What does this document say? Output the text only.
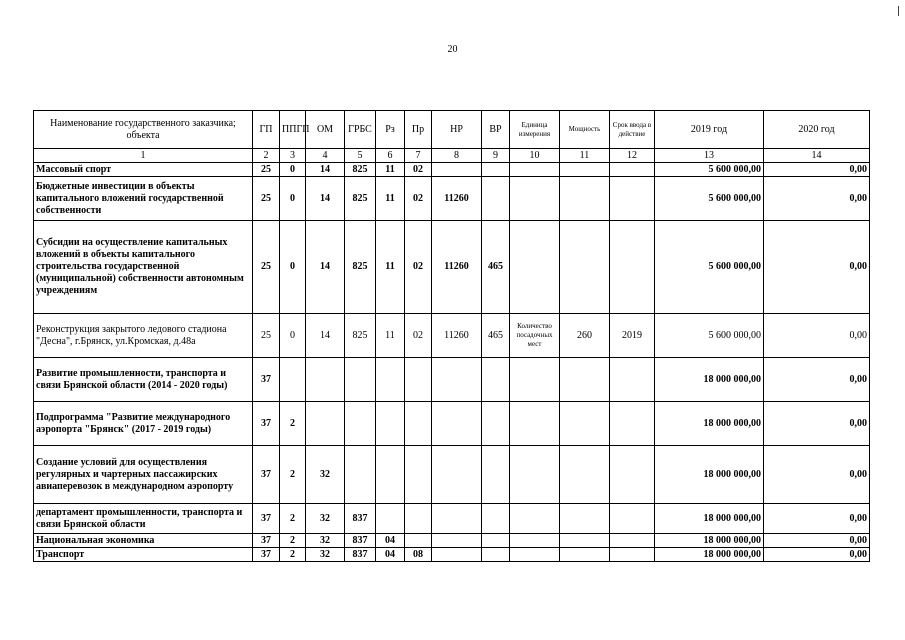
20
Наименование государственного заказчика; объекта	ГП	ППГП	ОМ	ГРБС	Рз	Пр	НР	ВР	Единица измерения	Мощность	Срок ввода в действие	2019 год	2020 год
1	2	3	4	5	6	7	8	9	10	11	12	13	14
Массовый спорт	25	0	14	825	11	02						5 600 000,00	0,00
Бюджетные инвестиции в объекты капитального вложений государственной собственности	25	0	14	825	11	02	11260					5 600 000,00	0,00
Субсидии на осуществление капитальных вложений в объекты капитального строительства государственной (муниципальной) собственности автономным учреждениям	25	0	14	825	11	02	11260	465				5 600 000,00	0,00
Реконструкция закрытого ледового стадиона "Десна", г.Брянск, ул.Кромская, д.48а	25	0	14	825	11	02	11260	465	Количество посадочных мест	260	2019	5 600 000,00	0,00
Развитие промышленности, транспорта и связи Брянской области (2014 - 2020 годы)	37											18 000 000,00	0,00
Подпрограмма "Развитие международного аэропорта "Брянск" (2017 - 2019 годы)	37	2										18 000 000,00	0,00
Создание условий для осуществления регулярных и чартерных пассажирских авиаперевозок в международном аэропорту	37	2	32									18 000 000,00	0,00
департамент промышленности, транспорта и связи Брянской области	37	2	32	837								18 000 000,00	0,00
Национальная экономика	37	2	32	837	04							18 000 000,00	0,00
Транспорт	37	2	32	837	04	08						18 000 000,00	0,00
